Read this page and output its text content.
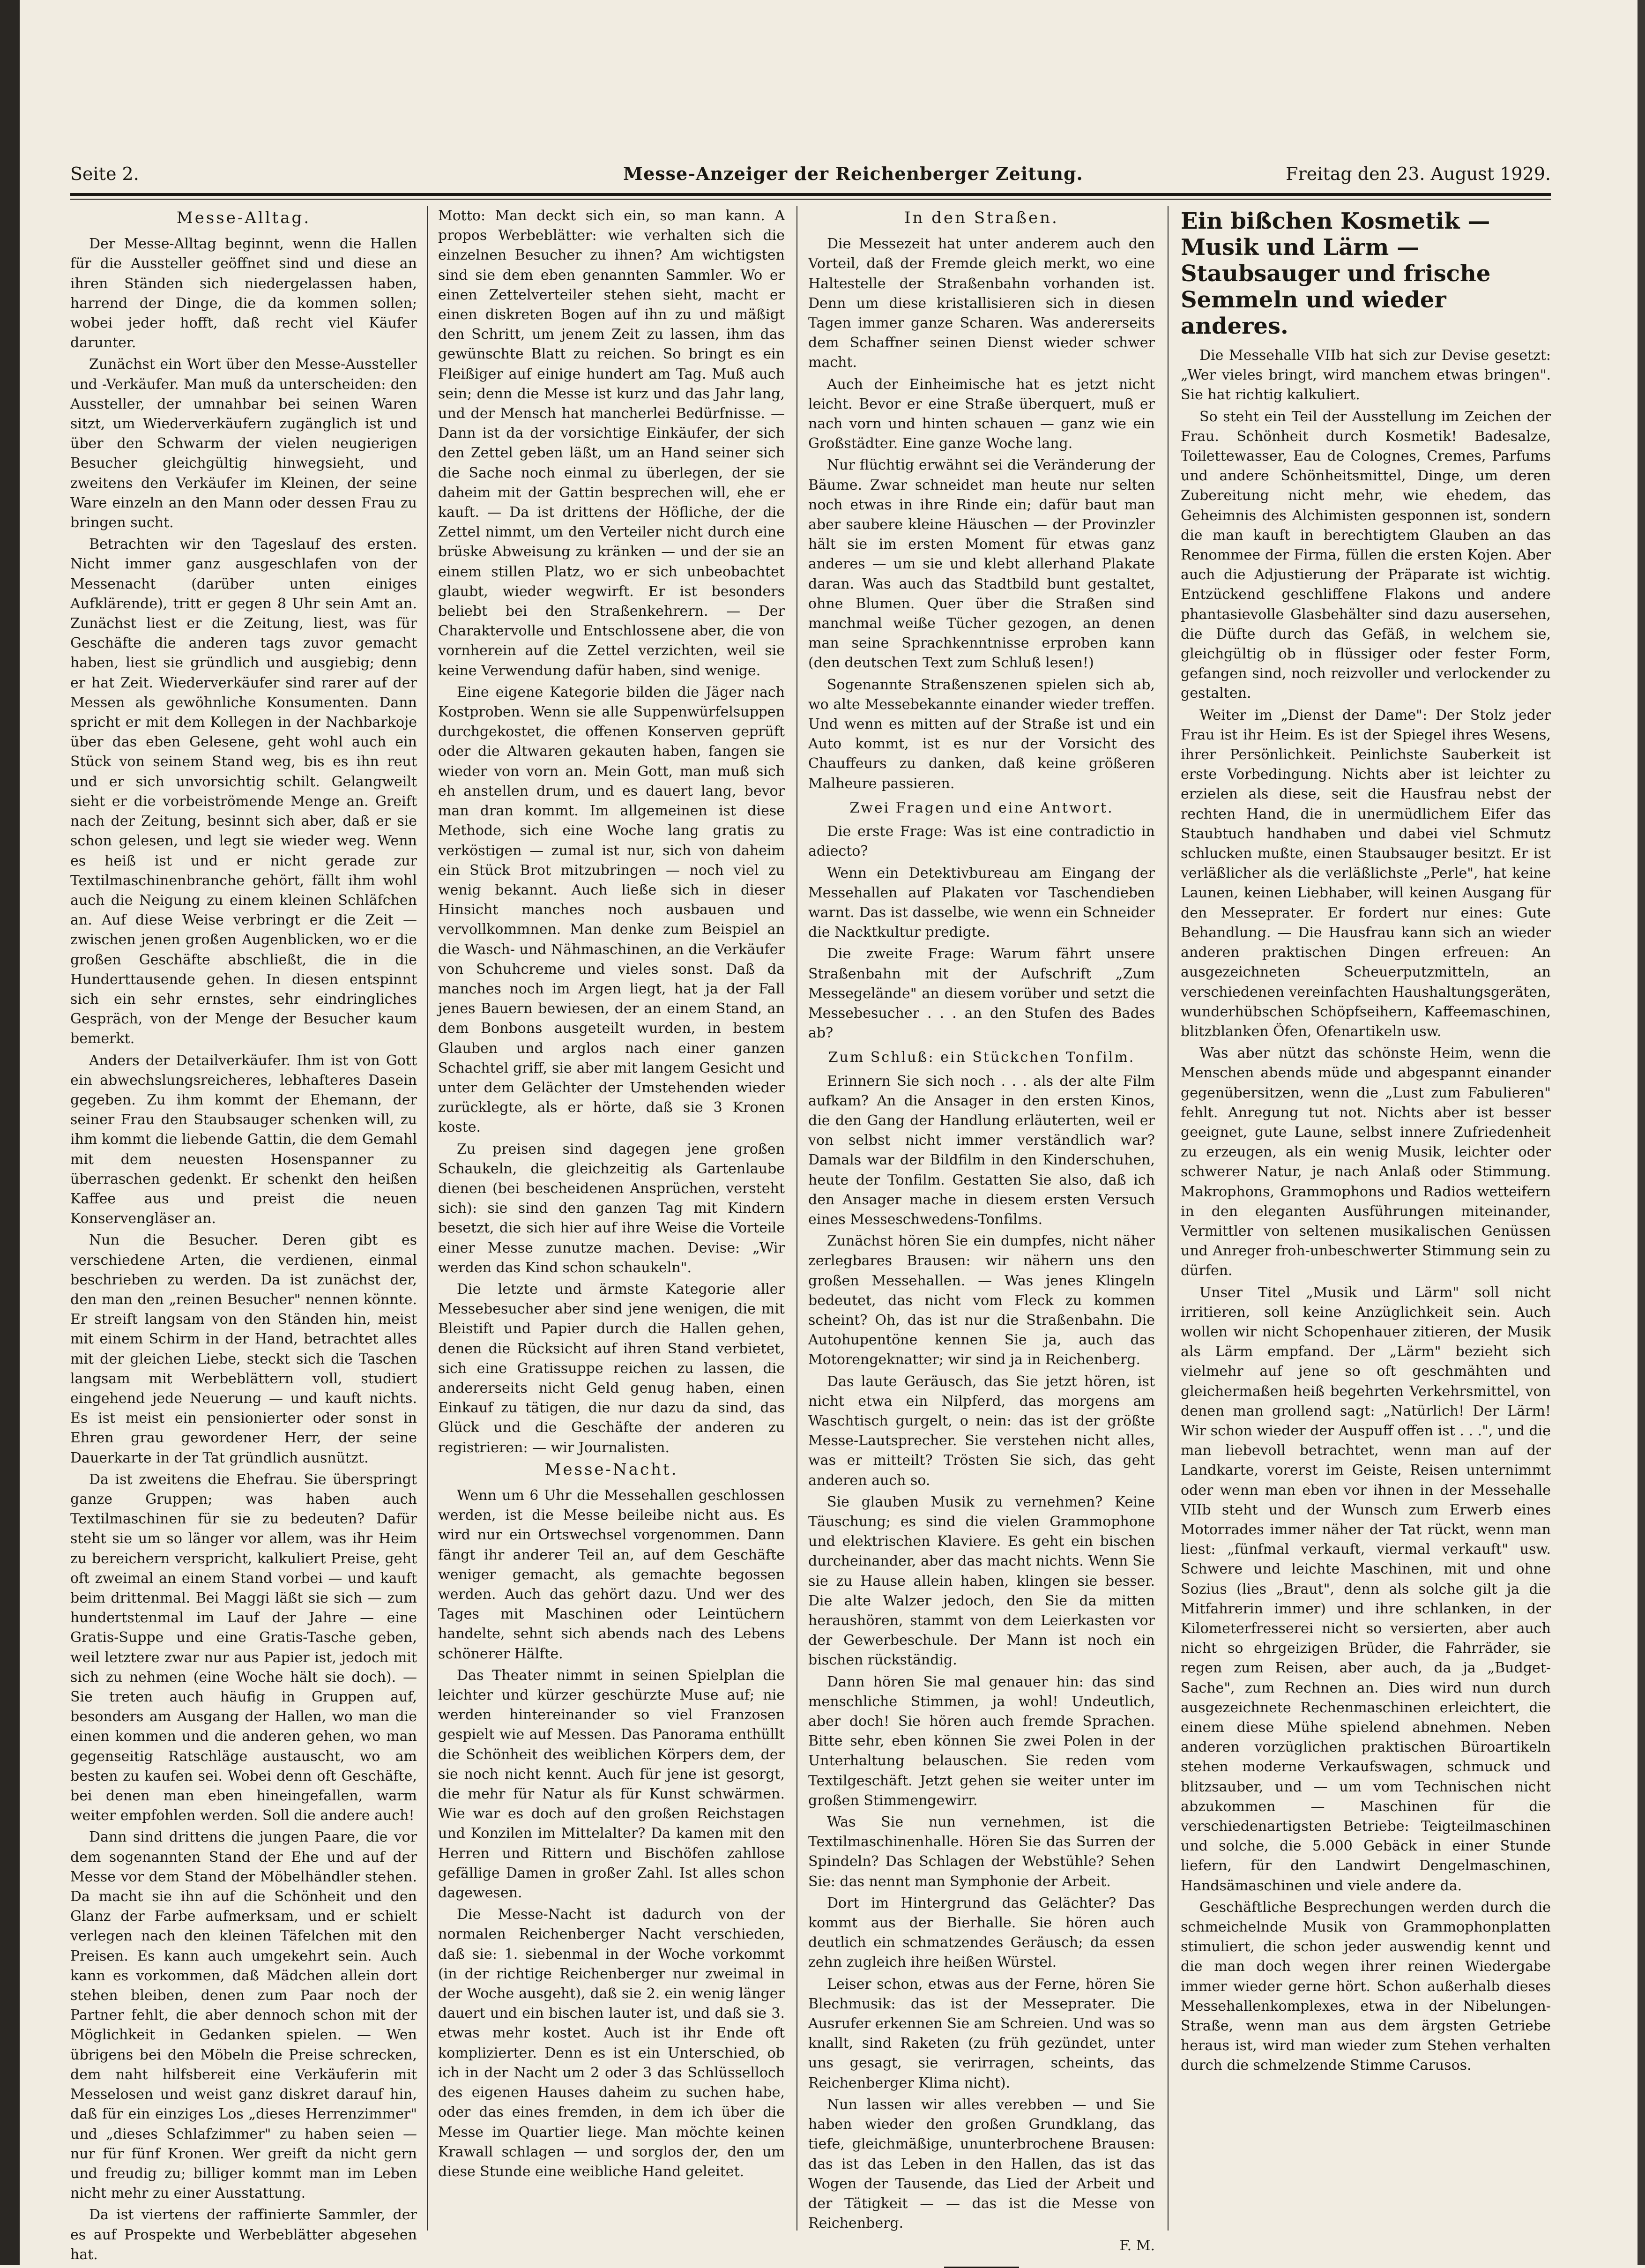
Seite 2.	Messe-Anzeiger der Reichenberger Zeitung.	Freitag den 23. August 1929.
Messe-Alltag.

Der Messe-Alltag beginnt, wenn die Hallen für die Aussteller geöffnet sind und diese an ihren Ständen sich niedergelassen haben, harrend der Dinge, die da kommen sollen; wobei jeder hofft, daß recht viel Käufer darunter.

Zunächst ein Wort über den Messe-Aussteller und -Verkäufer. Man muß da unterscheiden: den Aussteller, der umnahbar bei seinen Waren sitzt, um Wiederverkäufern zugänglich ist und über den Schwarm der vielen neugierigen Besucher gleichgültig hinwegsieht, und zweitens den Verkäufer im Kleinen, der seine Ware einzeln an den Mann oder dessen Frau zu bringen sucht.

Betrachten wir den Tageslauf des ersten. Nicht immer ganz ausgeschlafen von der Messenacht (darüber unten einiges Aufklärende), tritt er gegen 8 Uhr sein Amt an. Zunächst liest er die Zeitung, liest, was für Geschäfte die anderen tags zuvor gemacht haben, liest sie gründlich und ausgiebig; denn er hat Zeit. Wiederverkäufer sind rarer auf der Messen als gewöhnliche Konsumenten. Dann spricht er mit dem Kollegen in der Nachbarkoje über das eben Gelesene, geht wohl auch ein Stück von seinem Stand weg, bis es ihn reut und er sich unvorsichtig schilt. Gelangweilt sieht er die vorbeiströmende Menge an. Greift nach der Zeitung, besinnt sich aber, daß er sie schon gelesen, und legt sie wieder weg. Wenn es heiß ist und er nicht gerade zur Textilmaschinenbranche gehört, fällt ihm wohl auch die Neigung zu einem kleinen Schläfchen an. Auf diese Weise verbringt er die Zeit — zwischen jenen großen Augenblicken, wo er die großen Geschäfte abschließt, die in die Hunderttausende gehen. In diesen entspinnt sich ein sehr ernstes, sehr eindringliches Gespräch, von der Menge der Besucher kaum bemerkt.

Anders der Detailverkäufer. Ihm ist von Gott ein abwechslungsreicheres, lebhafteres Dasein gegeben. Zu ihm kommt der Ehemann, der seiner Frau den Staubsauger schenken will, zu ihm kommt die liebende Gattin, die dem Gemahl mit dem neuesten Hosenspanner zu überraschen gedenkt. Er schenkt den heißen Kaffee aus und preist die neuen Konservengläser an.

Nun die Besucher. Deren gibt es verschiedene Arten, die verdienen, einmal beschrieben zu werden. Da ist zunächst der, den man den „reinen Besucher" nennen könnte. Er streift langsam von den Ständen hin, meist mit einem Schirm in der Hand, betrachtet alles mit der gleichen Liebe, steckt sich die Taschen langsam mit Werbeblättern voll, studiert eingehend jede Neuerung — und kauft nichts. Es ist meist ein pensionierter oder sonst in Ehren grau gewordener Herr, der seine Dauerkarte in der Tat gründlich ausnützt.

Da ist zweitens die Ehefrau. Sie überspringt ganze Gruppen; was haben auch Textilmaschinen für sie zu bedeuten? Dafür steht sie um so länger vor allem, was ihr Heim zu bereichern verspricht, kalkuliert Preise, geht oft zweimal an einem Stand vorbei — und kauft beim drittenmal. Bei Maggi läßt sie sich — zum hundertstenmal im Lauf der Jahre — eine Gratis-Suppe und eine Gratis-Tasche geben, weil letztere zwar nur aus Papier ist, jedoch mit sich zu nehmen (eine Woche hält sie doch). — Sie treten auch häufig in Gruppen auf, besonders am Ausgang der Hallen, wo man die einen kommen und die anderen gehen, wo man gegenseitig Ratschläge austauscht, wo am besten zu kaufen sei. Wobei denn oft Geschäfte, bei denen man eben hineingefallen, warm weiter empfohlen werden. Soll die andere auch!

Dann sind drittens die jungen Paare, die vor dem sogenannten Stand der Ehe und auf der Messe vor dem Stand der Möbelhändler stehen. Da macht sie ihn auf die Schönheit und den Glanz der Farbe aufmerksam, und er schielt verlegen nach den kleinen Täfelchen mit den Preisen. Es kann auch umgekehrt sein. Auch kann es vorkommen, daß Mädchen allein dort stehen bleiben, denen zum Paar noch der Partner fehlt, die aber dennoch schon mit der Möglichkeit in Gedanken spielen. — Wen übrigens bei den Möbeln die Preise schrecken, dem naht hilfsbereit eine Verkäuferin mit Messelosen und weist ganz diskret darauf hin, daß für ein einziges Los „dieses Herrenzimmer" und „dieses Schlafzimmer" zu haben seien — nur für fünf Kronen. Wer greift da nicht gern und freudig zu; billiger kommt man im Leben nicht mehr zu einer Ausstattung.

Da ist viertens der raffinierte Sammler, der es auf Prospekte und Werbeblätter abgesehen hat.

Motto: Man deckt sich ein, so man kann. A propos Werbeblätter: wie verhalten sich die einzelnen Besucher zu ihnen? Am wichtigsten sind sie dem eben genannten Sammler. Wo er einen Zettelverteiler stehen sieht, macht er einen diskreten Bogen auf ihn zu und mäßigt den Schritt, um jenem Zeit zu lassen, ihm das gewünschte Blatt zu reichen. So bringt es ein Fleißiger auf einige hundert am Tag. Muß auch sein; denn die Messe ist kurz und das Jahr lang, und der Mensch hat mancherlei Bedürfnisse. — Dann ist da der vorsichtige Einkäufer, der sich den Zettel geben läßt, um an Hand seiner sich die Sache noch einmal zu überlegen, der sie daheim mit der Gattin besprechen will, ehe er kauft. — Da ist drittens der Höfliche, der die Zettel nimmt, um den Verteiler nicht durch eine brüske Abweisung zu kränken — und der sie an einem stillen Platz, wo er sich unbeobachtet glaubt, wieder wegwirft. Er ist besonders beliebt bei den Straßenkehrern. — Der Charaktervolle und Entschlossene aber, die von vornherein auf die Zettel verzichten, weil sie keine Verwendung dafür haben, sind wenige.

Eine eigene Kategorie bilden die Jäger nach Kostproben. Wenn sie alle Suppenwürfelsuppen durchgekostet, die offenen Konserven geprüft oder die Altwaren gekauten haben, fangen sie wieder von vorn an. Mein Gott, man muß sich eh anstellen drum, und es dauert lang, bevor man dran kommt. Im allgemeinen ist diese Methode, sich eine Woche lang gratis zu verköstigen — zumal ist nur, sich von daheim ein Stück Brot mitzubringen — noch viel zu wenig bekannt. Auch ließe sich in dieser Hinsicht manches noch ausbauen und vervollkommnen. Man denke zum Beispiel an die Wasch- und Nähmaschinen, an die Verkäufer von Schuhcreme und vieles sonst. Daß da manches noch im Argen liegt, hat ja der Fall jenes Bauern bewiesen, der an einem Stand, an dem Bonbons ausgeteilt wurden, in bestem Glauben und arglos nach einer ganzen Schachtel griff, sie aber mit langem Gesicht und unter dem Gelächter der Umstehenden wieder zurücklegte, als er hörte, daß sie 3 Kronen koste.

Zu preisen sind dagegen jene großen Schaukeln, die gleichzeitig als Gartenlaube dienen (bei bescheidenen Ansprüchen, versteht sich): sie sind den ganzen Tag mit Kindern besetzt, die sich hier auf ihre Weise die Vorteile einer Messe zunutze machen. Devise: „Wir werden das Kind schon schaukeln".

Die letzte und ärmste Kategorie aller Messebesucher aber sind jene wenigen, die mit Bleistift und Papier durch die Hallen gehen, denen die Rücksicht auf ihren Stand verbietet, sich eine Gratissuppe reichen zu lassen, die andererseits nicht Geld genug haben, einen Einkauf zu tätigen, die nur dazu da sind, das Glück und die Geschäfte der anderen zu registrieren: — wir Journalisten.

Messe-Nacht.

Wenn um 6 Uhr die Messehallen geschlossen werden, ist die Messe beileibe nicht aus. Es wird nur ein Ortswechsel vorgenommen. Dann fängt ihr anderer Teil an, auf dem Geschäfte weniger gemacht, als gemachte begossen werden. Auch das gehört dazu. Und wer des Tages mit Maschinen oder Leintüchern handelte, sehnt sich abends nach des Lebens schönerer Hälfte.

Das Theater nimmt in seinen Spielplan die leichter und kürzer geschürzte Muse auf; nie werden hintereinander so viel Franzosen gespielt wie auf Messen. Das Panorama enthüllt die Schönheit des weiblichen Körpers dem, der sie noch nicht kennt. Auch für jene ist gesorgt, die mehr für Natur als für Kunst schwärmen. Wie war es doch auf den großen Reichstagen und Konzilen im Mittelalter? Da kamen mit den Herren und Rittern und Bischöfen zahllose gefällige Damen in großer Zahl. Ist alles schon dagewesen.

Die Messe-Nacht ist dadurch von der normalen Reichenberger Nacht verschieden, daß sie: 1. siebenmal in der Woche vorkommt (in der richtige Reichenberger nur zweimal in der Woche ausgeht), daß sie 2. ein wenig länger dauert und ein bischen lauter ist, und daß sie 3. etwas mehr kostet. Auch ist ihr Ende oft komplizierter. Denn es ist ein Unterschied, ob ich in der Nacht um 2 oder 3 das Schlüsselloch des eigenen Hauses daheim zu suchen habe, oder das eines fremden, in dem ich über die Messe im Quartier liege. Man möchte keinen Krawall schlagen — und sorglos der, den um diese Stunde eine weibliche Hand geleitet.

In den Straßen.

Die Messezeit hat unter anderem auch den Vorteil, daß der Fremde gleich merkt, wo eine Haltestelle der Straßenbahn vorhanden ist. Denn um diese kristallisieren sich in diesen Tagen immer ganze Scharen. Was andererseits dem Schaffner seinen Dienst wieder schwer macht.

Auch der Einheimische hat es jetzt nicht leicht. Bevor er eine Straße überquert, muß er nach vorn und hinten schauen — ganz wie ein Großstädter. Eine ganze Woche lang.

Nur flüchtig erwähnt sei die Veränderung der Bäume. Zwar schneidet man heute nur selten noch etwas in ihre Rinde ein; dafür baut man aber saubere kleine Häuschen — der Provinzler hält sie im ersten Moment für etwas ganz anderes — um sie und klebt allerhand Plakate daran. Was auch das Stadtbild bunt gestaltet, ohne Blumen. Quer über die Straßen sind manchmal weiße Tücher gezogen, an denen man seine Sprachkenntnisse erproben kann (den deutschen Text zum Schluß lesen!)

Sogenannte Straßenszenen spielen sich ab, wo alte Messebekannte einander wieder treffen. Und wenn es mitten auf der Straße ist und ein Auto kommt, ist es nur der Vorsicht des Chauffeurs zu danken, daß keine größeren Malheure passieren.

Zwei Fragen und eine Antwort.

Die erste Frage: Was ist eine contradictio in adiecto?

Wenn ein Detektivbureau am Eingang der Messehallen auf Plakaten vor Taschendieben warnt. Das ist dasselbe, wie wenn ein Schneider die Nacktkultur predigte.

Die zweite Frage: Warum fährt unsere Straßenbahn mit der Aufschrift „Zum Messegelände" an diesem vorüber und setzt die Messebesucher . . . an den Stufen des Bades ab?

Zum Schluß: ein Stückchen Tonfilm.

Erinnern Sie sich noch . . . als der alte Film aufkam? An die Ansager in den ersten Kinos, die den Gang der Handlung erläuterten, weil er von selbst nicht immer verständlich war? Damals war der Bildfilm in den Kinderschuhen, heute der Tonfilm. Gestatten Sie also, daß ich den Ansager mache in diesem ersten Versuch eines Messeschwedens-Tonfilms.

Zunächst hören Sie ein dumpfes, nicht näher zerlegbares Brausen: wir nähern uns den großen Messehallen. — Was jenes Klingeln bedeutet, das nicht vom Fleck zu kommen scheint? Oh, das ist nur die Straßenbahn. Die Autohupentöne kennen Sie ja, auch das Motorengeknatter; wir sind ja in Reichenberg.

Das laute Geräusch, das Sie jetzt hören, ist nicht etwa ein Nilpferd, das morgens am Waschtisch gurgelt, o nein: das ist der größte Messe-Lautsprecher. Sie verstehen nicht alles, was er mitteilt? Trösten Sie sich, das geht anderen auch so.

Sie glauben Musik zu vernehmen? Keine Täuschung; es sind die vielen Grammophone und elektrischen Klaviere. Es geht ein bischen durcheinander, aber das macht nichts. Wenn Sie sie zu Hause allein haben, klingen sie besser. Die alte Walzer jedoch, den Sie da mitten heraushören, stammt von dem Leierkasten vor der Gewerbeschule. Der Mann ist noch ein bischen rückständig.

Dann hören Sie mal genauer hin: das sind menschliche Stimmen, ja wohl! Undeutlich, aber doch! Sie hören auch fremde Sprachen. Bitte sehr, eben können Sie zwei Polen in der Unterhaltung belauschen. Sie reden vom Textilgeschäft. Jetzt gehen sie weiter unter im großen Stimmengewirr.

Was Sie nun vernehmen, ist die Textilmaschinenhalle. Hören Sie das Surren der Spindeln? Das Schlagen der Webstühle? Sehen Sie: das nennt man Symphonie der Arbeit.

Dort im Hintergrund das Gelächter? Das kommt aus der Bierhalle. Sie hören auch deutlich ein schmatzendes Geräusch; da essen zehn zugleich ihre heißen Würstel.

Leiser schon, etwas aus der Ferne, hören Sie Blechmusik: das ist der Messeprater. Die Ausrufer erkennen Sie am Schreien. Und was so knallt, sind Raketen (zu früh gezündet, unter uns gesagt, sie verirragen, scheints, das Reichenberger Klima nicht).

Nun lassen wir alles verebben — und Sie haben wieder den großen Grundklang, das tiefe, gleichmäßige, ununterbrochene Brausen: das ist das Leben in den Hallen, das ist das Wogen der Tausende, das Lied der Arbeit und der Tätigkeit — — das ist die Messe von Reichenberg.

F. M.

Ein bißchen Kosmetik — Musik und Lärm — Staubsauger und frische Semmeln und wieder anderes.

Die Messehalle VIIb hat sich zur Devise gesetzt: „Wer vieles bringt, wird manchem etwas bringen". Sie hat richtig kalkuliert.

So steht ein Teil der Ausstellung im Zeichen der Frau. Schönheit durch Kosmetik! Badesalze, Toilettewasser, Eau de Colognes, Cremes, Parfums und andere Schönheitsmittel, Dinge, um deren Zubereitung nicht mehr, wie ehedem, das Geheimnis des Alchimisten gesponnen ist, sondern die man kauft in berechtigtem Glauben an das Renommee der Firma, füllen die ersten Kojen. Aber auch die Adjustierung der Präparate ist wichtig. Entzückend geschliffene Flakons und andere phantasievolle Glasbehälter sind dazu ausersehen, die Düfte durch das Gefäß, in welchem sie, gleichgültig ob in flüssiger oder fester Form, gefangen sind, noch reizvoller und verlockender zu gestalten.

Weiter im „Dienst der Dame": Der Stolz jeder Frau ist ihr Heim. Es ist der Spiegel ihres Wesens, ihrer Persönlichkeit. Peinlichste Sauberkeit ist erste Vorbedingung. Nichts aber ist leichter zu erzielen als diese, seit die Hausfrau nebst der rechten Hand, die in unermüdlichem Eifer das Staubtuch handhaben und dabei viel Schmutz schlucken mußte, einen Staubsauger besitzt. Er ist verläßlicher als die verläßlichste „Perle", hat keine Launen, keinen Liebhaber, will keinen Ausgang für den Messeprater. Er fordert nur eines: Gute Behandlung. — Die Hausfrau kann sich an wieder anderen praktischen Dingen erfreuen: An ausgezeichneten Scheuerputzmitteln, an verschiedenen vereinfachten Haushaltungsgeräten, wunderhübschen Schöpfseihern, Kaffeemaschinen, blitzblanken Öfen, Ofenartikeln usw.

Was aber nützt das schönste Heim, wenn die Menschen abends müde und abgespannt einander gegenübersitzen, wenn die „Lust zum Fabulieren" fehlt. Anregung tut not. Nichts aber ist besser geeignet, gute Laune, selbst innere Zufriedenheit zu erzeugen, als ein wenig Musik, leichter oder schwerer Natur, je nach Anlaß oder Stimmung. Makrophons, Grammophons und Radios wetteifern in den eleganten Ausführungen miteinander, Vermittler von seltenen musikalischen Genüssen und Anreger froh-unbeschwerter Stimmung sein zu dürfen.

Unser Titel „Musik und Lärm" soll nicht irritieren, soll keine Anzüglichkeit sein. Auch wollen wir nicht Schopenhauer zitieren, der Musik als Lärm empfand. Der „Lärm" bezieht sich vielmehr auf jene so oft geschmähten und gleichermaßen heiß begehrten Verkehrsmittel, von denen man grollend sagt: „Natürlich! Der Lärm! Wir schon wieder der Auspuff offen ist . . .", und die man liebevoll betrachtet, wenn man auf der Landkarte, vorerst im Geiste, Reisen unternimmt oder wenn man eben vor ihnen in der Messehalle VIIb steht und der Wunsch zum Erwerb eines Motorrades immer näher der Tat rückt, wenn man liest: „fünfmal verkauft, viermal verkauft" usw. Schwere und leichte Maschinen, mit und ohne Sozius (lies „Braut", denn als solche gilt ja die Mitfahrerin immer) und ihre schlanken, in der Kilometerfresserei nicht so versierten, aber auch nicht so ehrgeizigen Brüder, die Fahrräder, sie regen zum Reisen, aber auch, da ja „Budget-Sache", zum Rechnen an. Dies wird nun durch ausgezeichnete Rechenmaschinen erleichtert, die einem diese Mühe spielend abnehmen. Neben anderen vorzüglichen praktischen Büroartikeln stehen moderne Verkaufswagen, schmuck und blitzsauber, und — um vom Technischen nicht abzukommen — Maschinen für die verschiedenartigsten Betriebe: Teigteilmaschinen und solche, die 5.000 Gebäck in einer Stunde liefern, für den Landwirt Dengelmaschinen, Handsämaschinen und viele andere da.

Geschäftliche Besprechungen werden durch die schmeichelnde Musik von Grammophonplatten stimuliert, die schon jeder auswendig kennt und die man doch wegen ihrer reinen Wiedergabe immer wieder gerne hört. Schon außerhalb dieses Messehallenkomplexes, etwa in der Nibelungen-Straße, wenn man aus dem ärgsten Getriebe heraus ist, wird man wieder zum Stehen verhalten durch die schmelzende Stimme Carusos.
